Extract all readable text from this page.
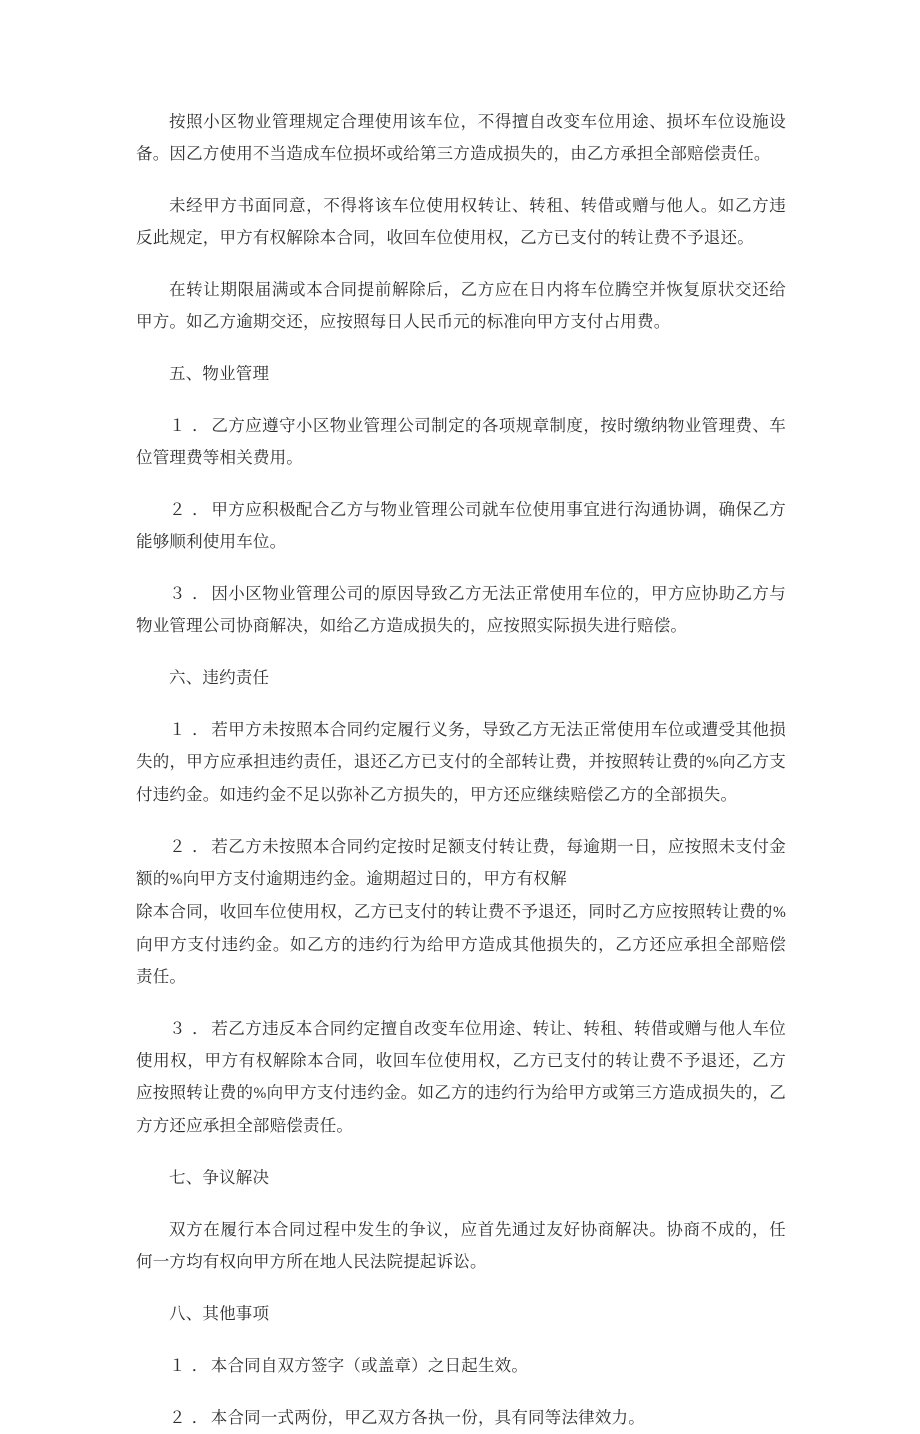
按照小区物业管理规定合理使用该车位，不得擅自改变车位用途、损坏车位设施设备。因乙方使用不当造成车位损坏或给第三方造成损失的，由乙方承担全部赔偿责任。

未经甲方书面同意，不得将该车位使用权转让、转租、转借或赠与他人。如乙方违反此规定，甲方有权解除本合同，收回车位使用权，乙方已支付的转让费不予退还。

在转让期限届满或本合同提前解除后，乙方应在日内将车位腾空并恢复原状交还给甲方。如乙方逾期交还，应按照每日人民币元的标准向甲方支付占用费。

五、物业管理

１ ． 乙方应遵守小区物业管理公司制定的各项规章制度，按时缴纳物业管理费、车位管理费等相关费用。

２ ． 甲方应积极配合乙方与物业管理公司就车位使用事宜进行沟通协调，确保乙方能够顺利使用车位。

３ ． 因小区物业管理公司的原因导致乙方无法正常使用车位的，甲方应协助乙方与物业管理公司协商解决，如给乙方造成损失的，应按照实际损失进行赔偿。

六、违约责任

１ ． 若甲方未按照本合同约定履行义务，导致乙方无法正常使用车位或遭受其他损失的，甲方应承担违约责任，退还乙方已支付的全部转让费，并按照转让费的%向乙方支付违约金。如违约金不足以弥补乙方损失的，甲方还应继续赔偿乙方的全部损失。

２ ． 若乙方未按照本合同约定按时足额支付转让费，每逾期一日，应按照未支付金额的%向甲方支付逾期违约金。逾期超过日的，甲方有权解
除本合同，收回车位使用权，乙方已支付的转让费不予退还，同时乙方应按照转让费的%向甲方支付违约金。如乙方的违约行为给甲方造成其他损失的，乙方还应承担全部赔偿责任。

３ ． 若乙方违反本合同约定擅自改变车位用途、转让、转租、转借或赠与他人车位使用权，甲方有权解除本合同，收回车位使用权，乙方已支付的转让费不予退还，乙方应按照转让费的%向甲方支付违约金。如乙方的违约行为给甲方或第三方造成损失的，乙方方还应承担全部赔偿责任。

七、争议解决

双方在履行本合同过程中发生的争议，应首先通过友好协商解决。协商不成的，任何一方均有权向甲方所在地人民法院提起诉讼。

八、其他事项

１ ． 本合同自双方签字（或盖章）之日起生效。

２ ． 本合同一式两份，甲乙双方各执一份，具有同等法律效力。
